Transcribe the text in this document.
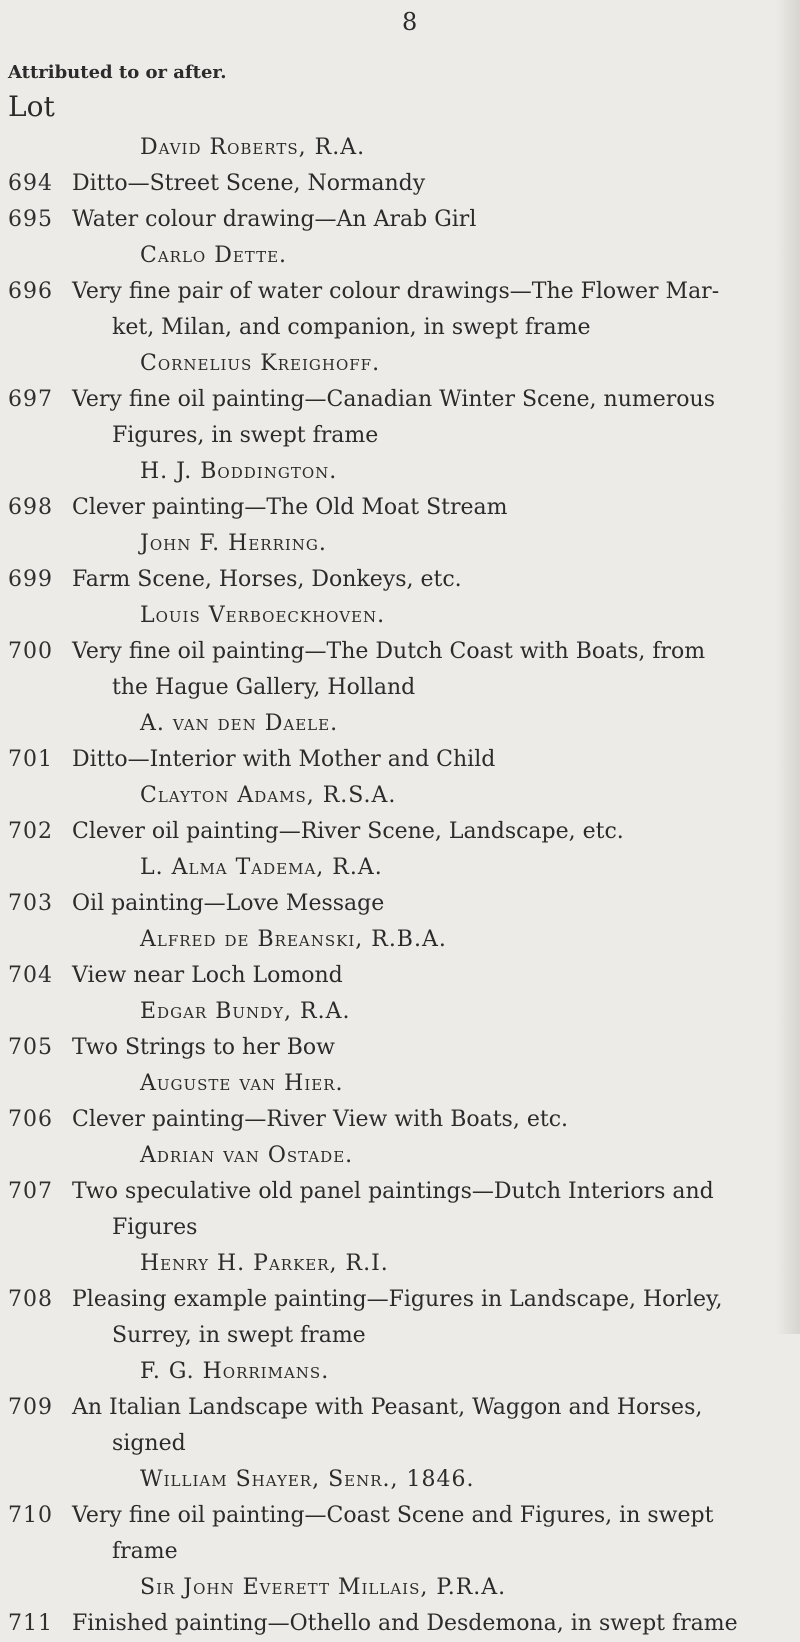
8
Attributed to or after.
Lot
David Roberts, R.A.
694 Ditto—Street Scene, Normandy
695 Water colour drawing—An Arab Girl
Carlo Dettе.
696 Very fine pair of water colour drawings—The Flower Mar-
ket, Milan, and companion, in swept frame
Cornelius Kreighoff.
697 Very fine oil painting—Canadian Winter Scene, numerous
Figures, in swept frame
H. J. Boddington.
698 Clever painting—The Old Moat Stream
John F. Herring.
699 Farm Scene, Horses, Donkeys, etc.
Louis Verboeckhoven.
700 Very fine oil painting—The Dutch Coast with Boats, from
the Hague Gallery, Holland
A. van den Daele.
701 Ditto—Interior with Mother and Child
Clayton Adams, R.S.A.
702 Clever oil painting—River Scene, Landscape, etc.
L. Alma Tadema, R.A.
703 Oil painting—Love Message
Alfred de Breanski, R.B.A.
704 View near Loch Lomond
Edgar Bundy, R.A.
705 Two Strings to her Bow
Auguste van Hier.
706 Clever painting—River View with Boats, etc.
Adrian van Ostade.
707 Two speculative old panel paintings—Dutch Interiors and
Figures
Henry H. Parker, R.I.
708 Pleasing example painting—Figures in Landscape, Horley,
Surrey, in swept frame
F. G. Horrimans.
709 An Italian Landscape with Peasant, Waggon and Horses,
signed
William Shayer, Senr., 1846.
710 Very fine oil painting—Coast Scene and Figures, in swept
frame
Sir John Everett Millais, P.R.A.
711 Finished painting—Othello and Desdemona, in swept frame
